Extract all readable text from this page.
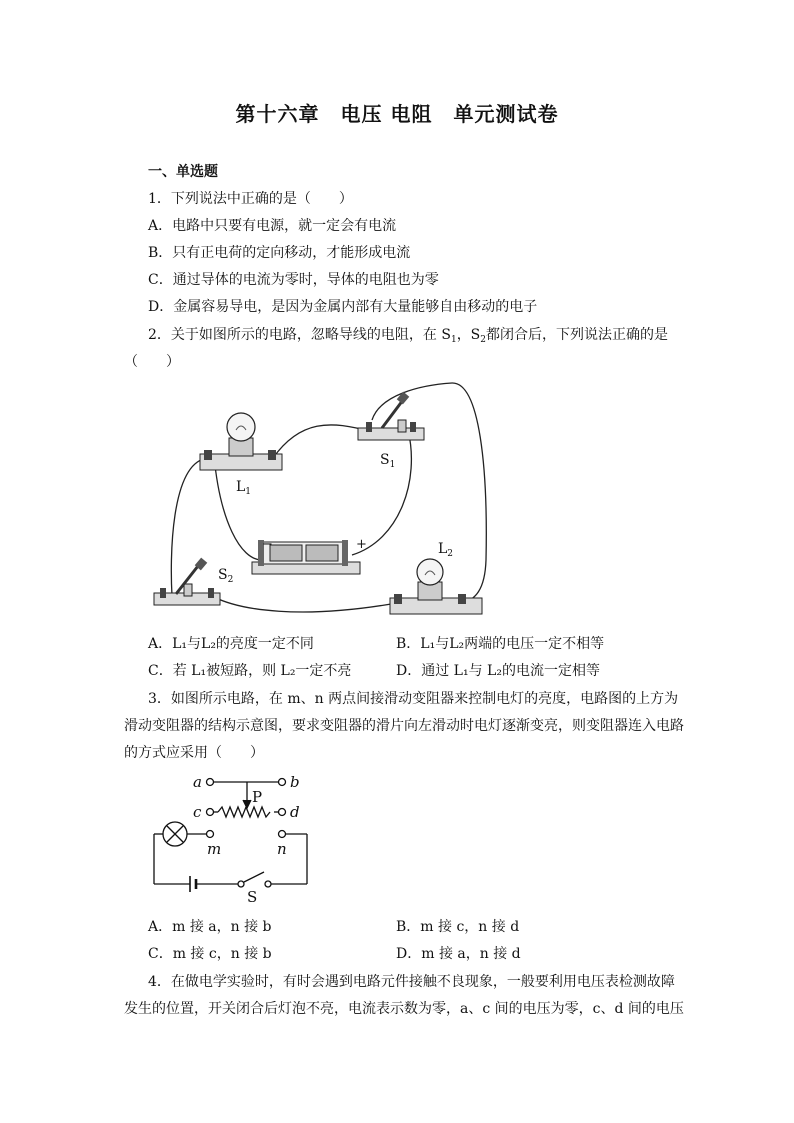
第十六章　电压 电阻　单元测试卷
一、单选题
1．下列说法中正确的是（　　）
A．电路中只要有电源，就一定会有电流
B．只有正电荷的定向移动，才能形成电流
C．通过导体的电流为零时，导体的电阻也为零
D．金属容易导电，是因为金属内部有大量能够自由移动的电子
2．关于如图所示的电路，忽略导线的电阻，在 $S_1$，$S_2$都闭合后，下列说法正确的是
（　　）
$L_1$
$S_1$
$L_2$
$S_2$
−	+
A．L₁与L₂的亮度一定不同	B．L₁与L₂两端的电压一定不相等
C．若 L₁被短路，则 L₂一定不亮	D．通过 L₁与 L₂的电流一定相等
3．如图所示电路，在 m、n 两点间接滑动变阻器来控制电灯的亮度，电路图的上方为
滑动变阻器的结构示意图，要求变阻器的滑片向左滑动时电灯逐渐变亮，则变阻器连入电路
的方式应采用（　　）
a	b
P
c	d
m	n
S
A．m 接 a，n 接 b	B．m 接 c，n 接 d
C．m 接 c，n 接 b	D．m 接 a，n 接 d
4．在做电学实验时，有时会遇到电路元件接触不良现象，一般要利用电压表检测故障
发生的位置，开关闭合后灯泡不亮，电流表示数为零，a、c 间的电压为零，c、d 间的电压
